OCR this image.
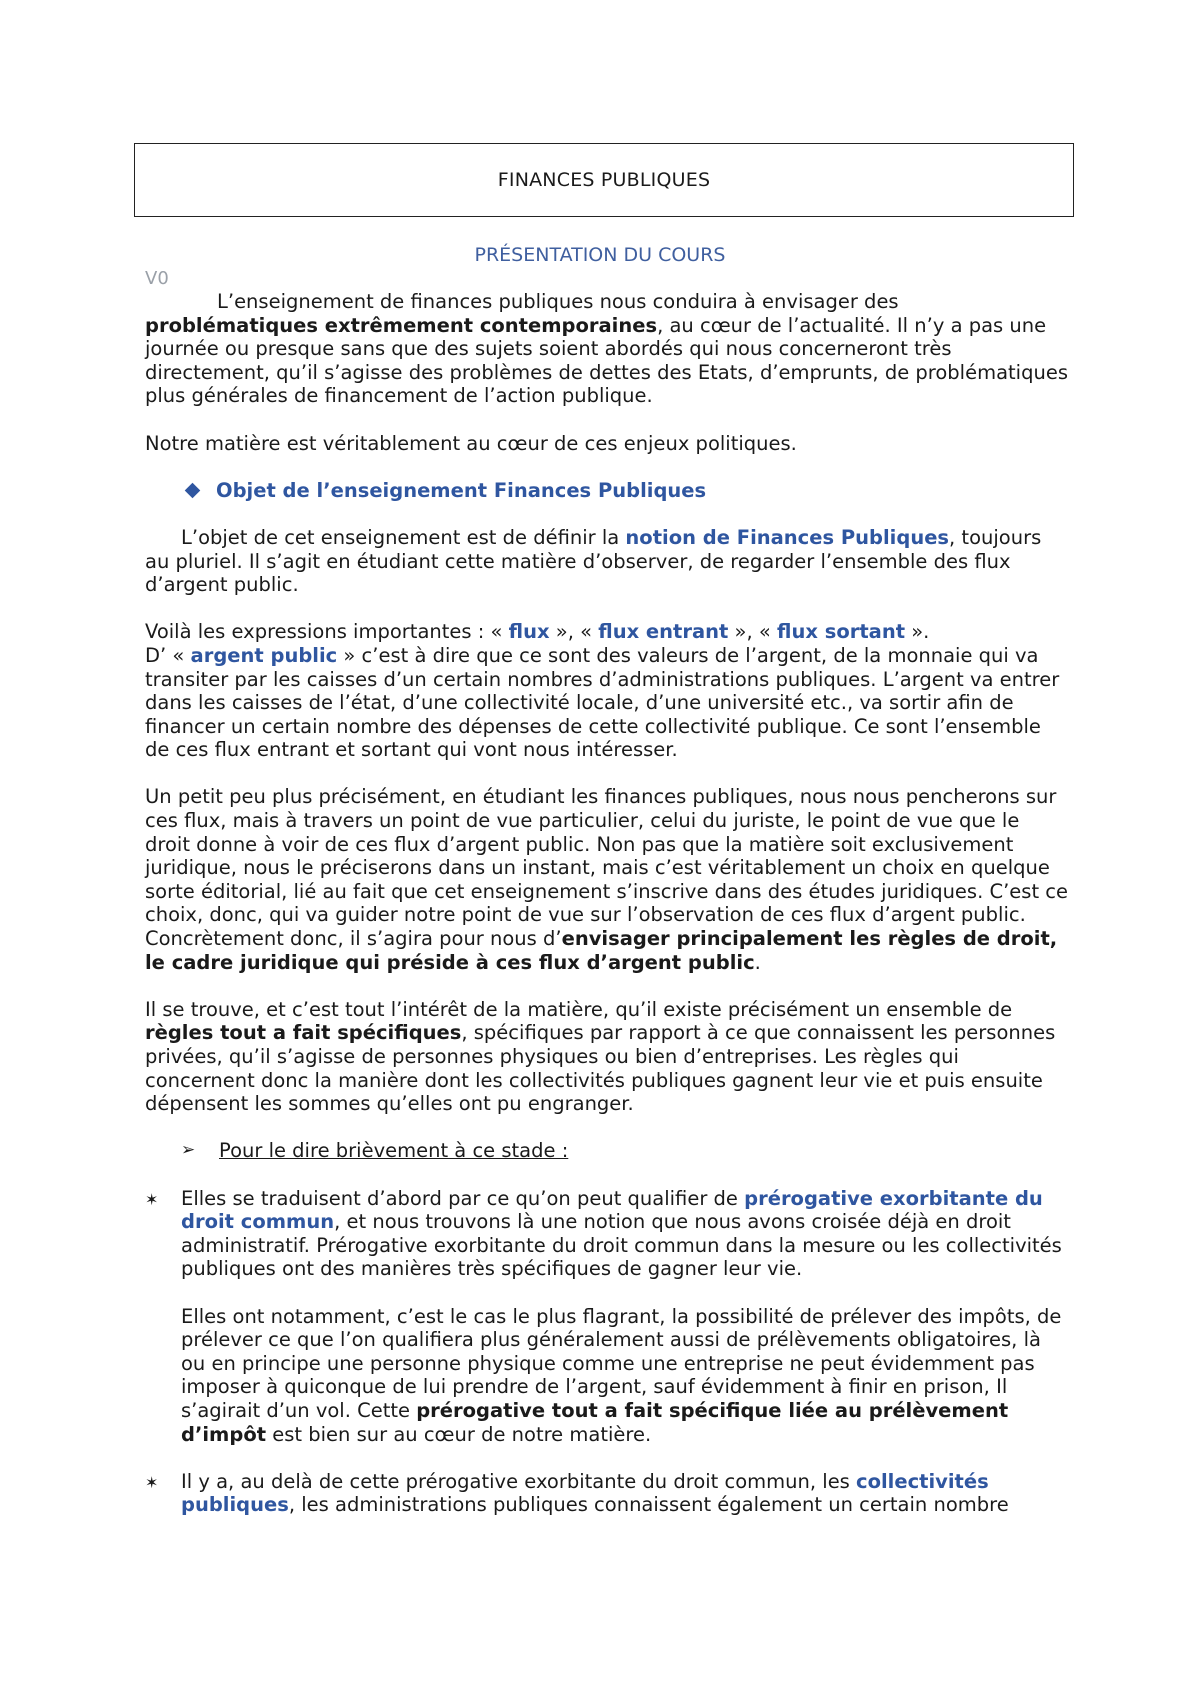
FINANCES PUBLIQUES
PRÉSENTATION DU COURS
V0

L’enseignement de finances publiques nous conduira à envisager des problématiques extrêmement contemporaines, au cœur de l’actualité. Il n’y a pas une journée ou presque sans que des sujets soient abordés qui nous concerneront très directement, qu’il s’agisse des problèmes de dettes des Etats, d’emprunts, de problématiques plus générales de financement de l’action publique.

Notre matière est véritablement au cœur de ces enjeux politiques.

Objet de l’enseignement Finances Publiques

L’objet de cet enseignement est de définir la notion de Finances Publiques, toujours au pluriel. Il s’agit en étudiant cette matière d’observer, de regarder l’ensemble des flux d’argent public.

Voilà les expressions importantes : « flux », « flux entrant », « flux sortant ».
D’ « argent public » c’est à dire que ce sont des valeurs de l’argent, de la monnaie qui va transiter par les caisses d’un certain nombres d’administrations publiques. L’argent va entrer dans les caisses de l’état, d’une collectivité locale, d’une université etc., va sortir afin de financer un certain nombre des dépenses de cette collectivité publique. Ce sont l’ensemble de ces flux entrant et sortant qui vont nous intéresser.

Un petit peu plus précisément, en étudiant les finances publiques, nous nous pencherons sur ces flux, mais à travers un point de vue particulier, celui du juriste, le point de vue que le droit donne à voir de ces flux d’argent public. Non pas que la matière soit exclusivement juridique, nous le préciserons dans un instant, mais c’est véritablement un choix en quelque sorte éditorial, lié au fait que cet enseignement s’inscrive dans des études juridiques. C’est ce choix, donc, qui va guider notre point de vue sur l’observation de ces flux d’argent public. Concrètement donc, il s’agira pour nous d’envisager principalement les règles de droit, le cadre juridique qui préside à ces flux d’argent public.

Il se trouve, et c’est tout l’intérêt de la matière, qu’il existe précisément un ensemble de règles tout a fait spécifiques, spécifiques par rapport à ce que connaissent les personnes privées, qu’il s’agisse de personnes physiques ou bien d’entreprises. Les règles qui concernent donc la manière dont les collectivités publiques gagnent leur vie et puis ensuite dépensent les sommes qu’elles ont pu engranger.

➢	Pour le dire brièvement à ce stade :
✶	Elles se traduisent d’abord par ce qu’on peut qualifier de prérogative exorbitante du droit commun, et nous trouvons là une notion que nous avons croisée déjà en droit administratif. Prérogative exorbitante du droit commun dans la mesure ou les collectivités publiques ont des manières très spécifiques de gagner leur vie.

Elles ont notamment, c’est le cas le plus flagrant, la possibilité de prélever des impôts, de prélever ce que l’on qualifiera plus généralement aussi de prélèvements obligatoires, là ou en principe une personne physique comme une entreprise ne peut évidemment pas imposer à quiconque de lui prendre de l’argent, sauf évidemment à finir en prison, Il s’agirait d’un vol. Cette prérogative tout a fait spécifique liée au prélèvement d’impôt est bien sur au cœur de notre matière.

✶	Il y a, au delà de cette prérogative exorbitante du droit commun, les collectivités publiques, les administrations publiques connaissent également un certain nombre
